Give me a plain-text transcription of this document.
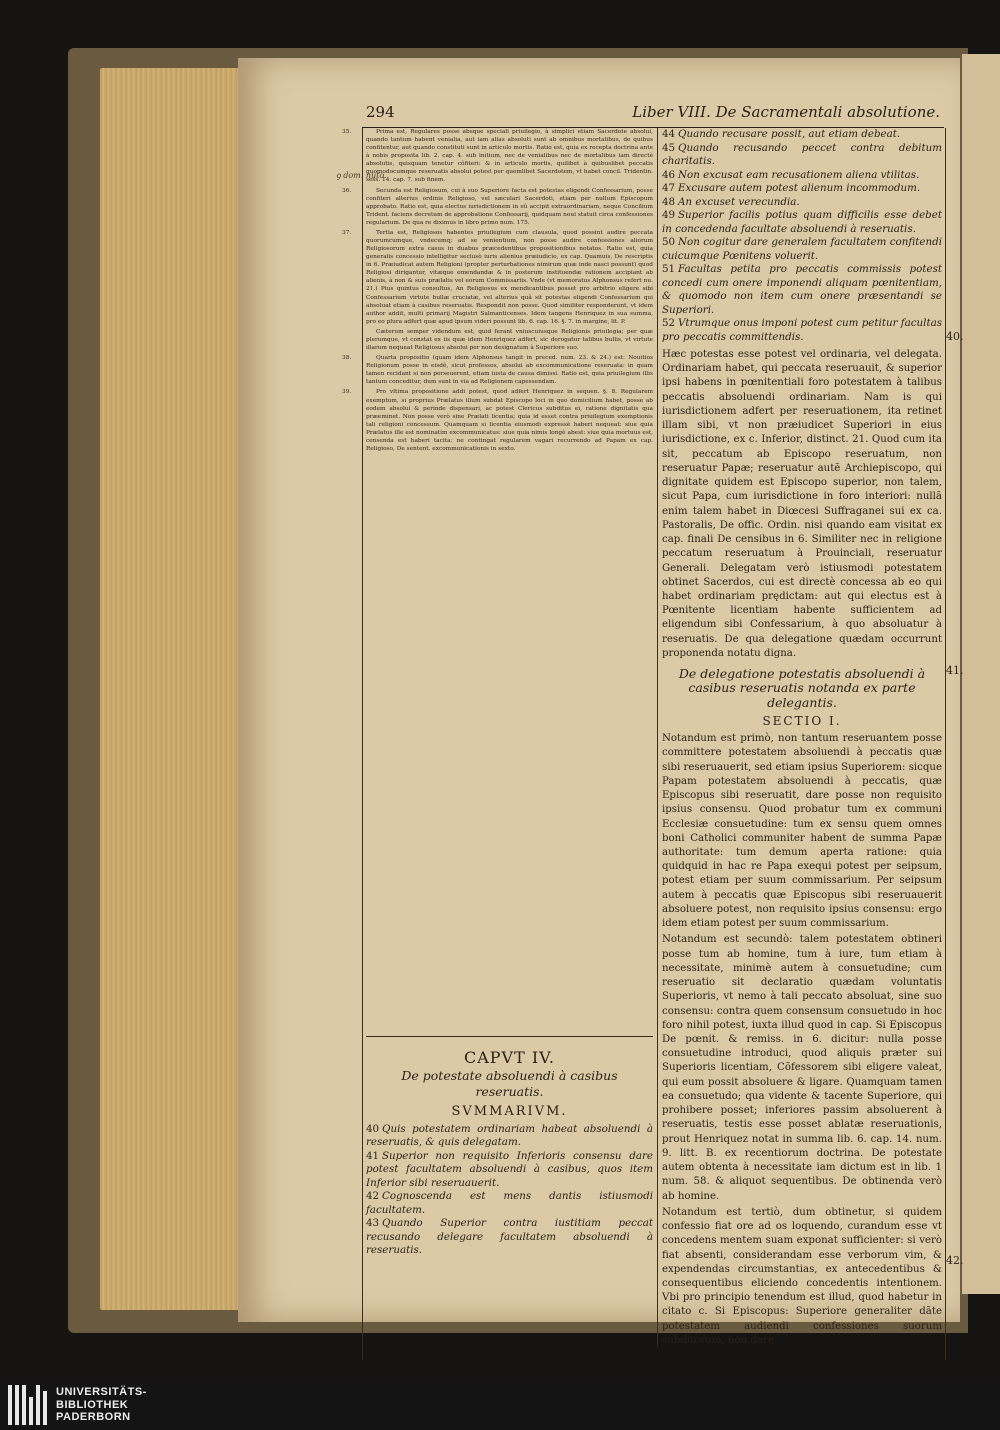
294	Liber VIII. De Sacramentali absolutione.
ꝯ dom. nuto.

35.	Prima est, Regulares posse absque speciali priuilegio, à simplici etiam Sacerdote absolui, quando tantum habent venialia, aut iam alias absoluti sunt ab omnibus mortalibus, de quibus confitentur, aut quando constituti sunt in articulo mortis. Ratio est, quia ex recepta doctrina ante à nobis proposita lib. 2. cap. 4. sub initium, nec de venialibus nec de mortalibus iam directè absolutis, quisquam tenetur cõfiteri: & in articulo mortis, quilibet à quibuslibet peccatis quomodocumque reseruatis absolui potest per quemlibet Sacerdotem, vt habet concil. Tridentin. sess. 14. cap. 7. sub finem.

36.	Secunda est Religiosum, cui à suo Superiore facta est potestas eligendi Confessarium, posse confiteri alterius ordinis Religioso, vel sæculari Sacerdoti, etiam per nullum Episcopum approbato. Ratio est, quia electus iurisdictionem in eũ accipit extraordinariam, neque Concilium Trident. faciens decretum de approbatione Confessarij, quidquam noui statuit circa confessiones regularium. De qua re diximus in libro primo num. 175.

37.	Tertia est, Religiosos habentes priuilegium cum clausula, quod possint audire peccata quorumcumque, vndecumq; ad se venientium, non posse audire confessiones aliorum Religiosorum extra casus in duabus præcedentibus propositionibus notatos. Ratio est, quia generalis concessio intelligitur seclusò iuris alienius præiudicio, ex cap. Quamuis, De rescriptis in 6. Præiudicat autem Religioni (propter perturbationes nimirum quæ inde nasci possunt) quod Religiosi dirigantur, vitæque emendandæ & in posterum instituendæ rationem accipiant ab alienis, à non & suis prælatis vel eorum Commissariis. Vnde (vt memoratus Alphonsus refert nu. 21.) Pius quintus consultus, An Religiosus ex mendicantibus posset pro arbitrio eligere sibi Confessarium virtute bullæ cruciatæ, vel alterius quã sit potestas eligendi Confessarium qui absoluat etiam à casibus reseruatis. Respondit non posse. Quod similiter responderunt, vt idem author addit, multi primarij Magistri Salmanticenses. Idem tangens Henriquez in sua summa, pro eo plura adfert quæ apud ipsum videri possunt lib. 6. cap. 16. §. 7. in margine, lit. P.

Cæterum semper videndum est, quid ferant vniuscuiusque Religionis priuilegia; per quæ plerumque, vt constat ex iis quæ idem Henriquez adfert, sic derogatur talibus bullis, vt virtute illarum nequeat Religiosus absolui per non designatum à Superiore suo.

38.	Quarta propositio (quam idem Alphonsus tangit in preced. num. 23. & 24.) est: Nouitios Religionum posse in eisdẽ, sicut professos, absolui ab excommunicatione reseruata: in quam tamen recidant si non perseuerent, etiam iusta de causa dimissi. Ratio est, quia priuilegium illis tantum conceditur, dum sunt in via ad Religionem capessendam.

39.	Pro vltima propositione addi potest, quod adfert Henriquez in sequen. §. 8. Regularem exemptum, si proprius Prælatus illum subdat Episcopo loci in quo domicilium habet, posse ab eodem absolui & perinde dispensari, ac potest Clericus subditus ei, ratione dignitatis qua præeminet. Non posse verò sine Prælati licentia; quia id esset contra priuilegium exemptionis tali religioni concessum. Quamquam si licentia eiusmodi expressè haberi nequeat: siue quia Prælatus ille est nominatim excommunicatus: siue quia nimis longè abest: siue quia mortuus est, censenda est haberi tacita: ne contingat regularem vagari recurrendo ad Papam ex cap. Religioso, De sentent. excommunicationis in sexto.

CAPVT IV.
De potestate absoluendi à casibus reseruatis.
SVMMARIVM.
40 Quis potestatem ordinariam habeat absoluendi à reseruatis, & quis delegatam.
41 Superior non requisito Inferioris consensu dare potest facultatem absoluendi à casibus, quos item Inferior sibi reseruauerit.
42 Cognoscenda est mens dantis istiusmodi facultatem.
43 Quando Superior contra iustitiam peccat recusando delegare facultatem absoluendi à reseruatis.
44 Quando recusare possit, aut etiam debeat.
45 Quando recusando peccet contra debitum charitatis.
46 Non excusat eam recusationem aliena vtilitas.
47 Excusare autem potest alienum incommodum.
48 An excuset verecundia.
49 Superior facilis potius quam difficilis esse debet in concedenda facultate absoluendi à reseruatis.
50 Non cogitur dare generalem facultatem confitendi cuicumque Pœnitens voluerit.
51 Facultas petita pro peccatis commissis potest concedi cum onere imponendi aliquam pœnitentiam, & quomodo non item cum onere præsentandi se Superiori.
52 Vtrumque onus imponi potest cum petitur facultas pro peccatis committendis.

Hæc potestas esse potest vel ordinaria, vel delegata. Ordinariam habet, qui peccata reseruauit, & superior ipsi habens in pœnitentiali foro potestatem à talibus peccatis absoluendi ordinariam. Nam is qui iurisdictionem adfert per reseruationem, ita retinet illam sibi, vt non præiudicet Superiori in eius iurisdictione, ex c. Inferior, distinct. 21. Quod cum ita sit, peccatum ab Episcopo reseruatum, non reseruatur Papæ; reseruatur autẽ Archiepiscopo, qui dignitate quidem est Episcopo superior, non talem, sicut Papa, cum iurisdictione in foro interiori: nullã enim talem habet in Diœcesi Suffraganei sui ex ca. Pastoralis, De offic. Ordin. nisi quando eam visitat ex cap. finali De censibus in 6. Similiter nec in religione peccatum reseruatum à Prouinciali, reseruatur Generali. Delegatam verò istiusmodi potestatem obtinet Sacerdos, cui est directè concessa ab eo qui habet ordinariam prędictam: aut qui electus est à Pœnitente licentiam habente sufficientem ad eligendum sibi Confessarium, à quo absoluatur à reseruatis. De qua delegatione quædam occurrunt proponenda notatu digna.

De delegatione potestatis absoluendi à casibus reseruatis notanda ex parte delegantis.
SECTIO I.

Notandum est primò, non tantum reseruantem posse committere potestatem absoluendi à peccatis quæ sibi reseruauerit, sed etiam ipsius Superiorem: sicque Papam potestatem absoluendi à peccatis, quæ Episcopus sibi reseruatit, dare posse non requisito ipsius consensu. Quod probatur tum ex communi Ecclesiæ consuetudine: tum ex sensu quem omnes boni Catholici communiter habent de summa Papæ authoritate: tum demum aperta ratione: quia quidquid in hac re Papa exequi potest per seipsum, potest etiam per suum commissarium. Per seipsum autem à peccatis quæ Episcopus sibi reseruauerit absoluere potest, non requisito ipsius consensu: ergo idem etiam potest per suum commissarium.

Notandum est secundò: talem potestatem obtineri posse tum ab homine, tum à iure, tum etiam à necessitate, minimè autem à consuetudine; cum reseruatio sit declaratio quædam voluntatis Superioris, vt nemo à tali peccato absoluat, sine suo consensu: contra quem consensum consuetudo in hoc foro nihil potest, iuxta illud quod in cap. Si Episcopus De pœnit. & remiss. in 6. dicitur: nulla posse consuetudine introduci, quod aliquis præter sui Superioris licentiam, Cõfessorem sibi eligere valeat, qui eum possit absoluere & ligare. Quamquam tamen ea consuetudo; qua vidente & tacente Superiore, qui prohibere posset; inferiores passim absoluerent à reseruatis, testis esse posset ablatæ reseruationis, prout Henriquez notat in summa lib. 6. cap. 14. num. 9. litt. B. ex recentiorum doctrina. De potestate autem obtenta à necessitate iam dictum est in lib. 1 num. 58. & aliquot sequentibus. De obtinenda verò ab homine.

Notandum est tertiò, dum obtinetur, si quidem confessio fiat ore ad os loquendo, curandum esse vt concedens mentem suam exponat sufficienter: si verò fiat absenti, considerandam esse verborum vim, & expendendas circumstantias, ex antecedentibus & consequentibus eliciendo concedentis intentionem. Vbi pro principio tenendum est illud, quod habetur in citato c. Si Episcopus: Superiore generaliter dãte potestatem audiendi confessiones suorum subditorum, non dare

40.
41.
42.
UNIVERSITÄTS-
BIBLIOTHEK
PADERBORN
